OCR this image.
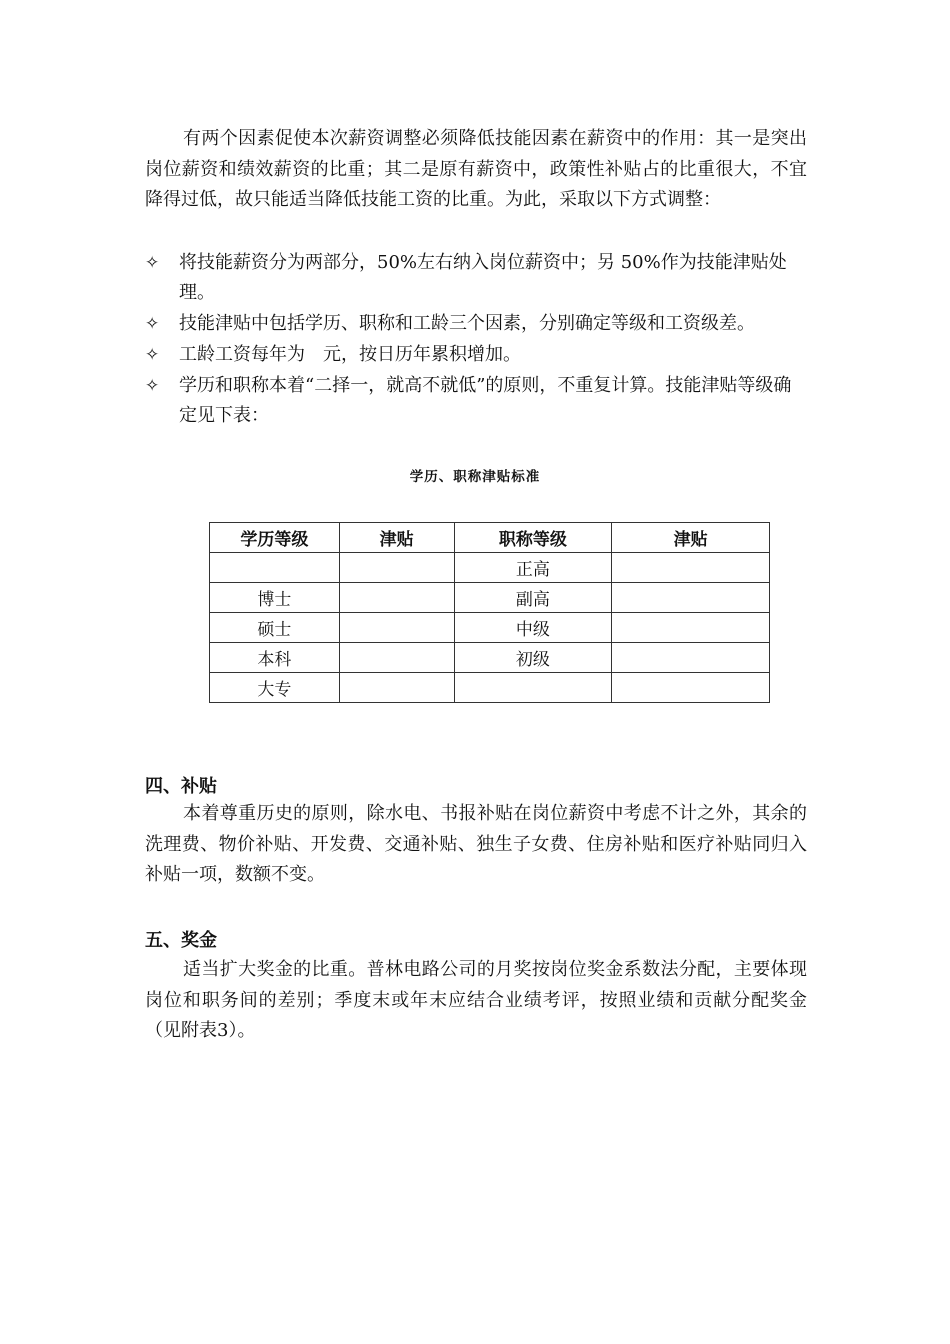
有两个因素促使本次薪资调整必须降低技能因素在薪资中的作用：其一是突出岗位薪资和绩效薪资的比重；其二是原有薪资中，政策性补贴占的比重很大，不宜降得过低，故只能适当降低技能工资的比重。为此，采取以下方式调整：

✧ 将技能薪资分为两部分，50%左右纳入岗位薪资中；另 50%作为技能津贴处理。
✧ 技能津贴中包括学历、职称和工龄三个因素，分别确定等级和工资级差。
✧ 工龄工资每年为　元，按日历年累积增加。
✧ 学历和职称本着“二择一，就高不就低”的原则，不重复计算。技能津贴等级确定见下表：
学历、职称津贴标准
学历等级	津贴	职称等级	津贴
		正高	
博士		副高	
硕士		中级	
本科		初级	
大专			
四、补贴

本着尊重历史的原则，除水电、书报补贴在岗位薪资中考虑不计之外，其余的洗理费、物价补贴、开发费、交通补贴、独生子女费、住房补贴和医疗补贴同归入补贴一项，数额不变。

五、奖金

适当扩大奖金的比重。普林电路公司的月奖按岗位奖金系数法分配，主要体现岗位和职务间的差别；季度末或年末应结合业绩考评，按照业绩和贡献分配奖金（见附表3）。
